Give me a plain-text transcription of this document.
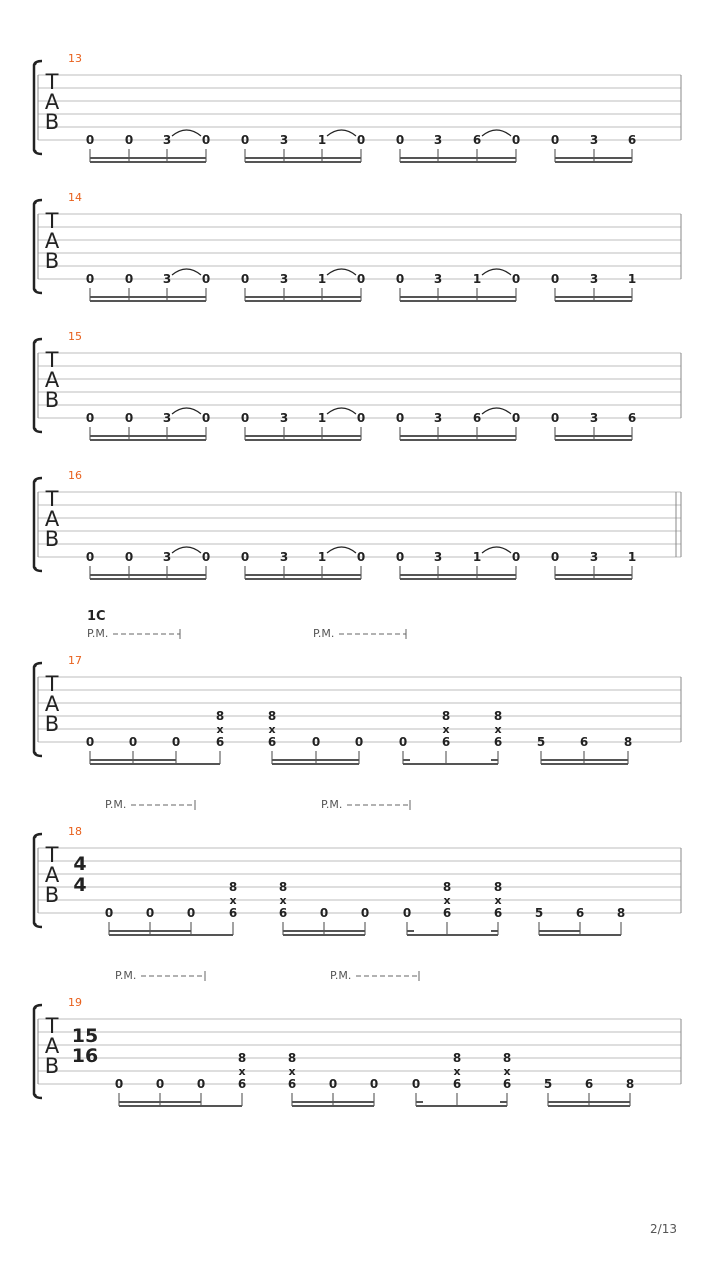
13
T
A
B
0	0 3	0	0	3 1	0	0 3	6	0	0	3 6
14
T
A
B
0	0 3	0	0	3 1	0	0 3	1	0	0	3 1
15
T
A
B
0	0 3	0	0	3 1	0	0 3	6	0	0	3 6
16
T
A
B
0	0 3	0	0	3 1	0	0 3	1	0	0	3 1
17
T
A
B
1C
P.M.	P.M.
0	0	0
8
x
6
8
x
6	0	0	0
8
x
6
8
x
6	5	6	8
18
T
A
B
4
4
P.M.	P.M.
0	0	0
8
x
6
8
x
6	0	0	0
8
x
6
8
x
6	5	6	8
19
T
A
B
15
16
P.M.	P.M.
0	0	0
8
x
6
8
x
6	0	0	0
8
x
6
8
x
6	5	6	8
2/13
